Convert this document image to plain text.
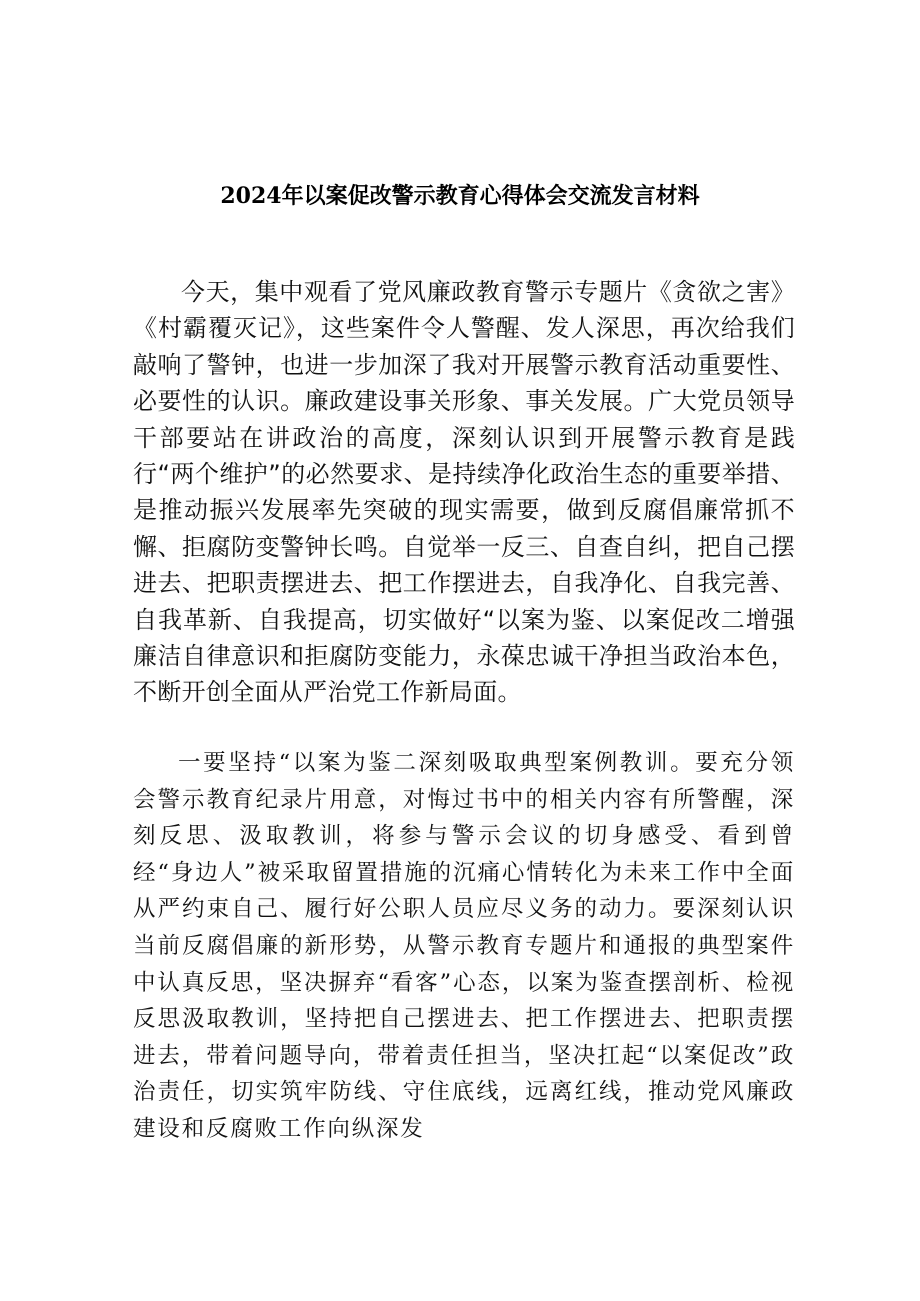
2024年以案促改警示教育心得体会交流发言材料

今天，集中观看了党风廉政教育警示专题片《贪欲之害》《村霸覆灭记》，这些案件令人警醒、发人深思，再次给我们敲响了警钟，也进一步加深了我对开展警示教育活动重要性、必要性的认识。廉政建设事关形象、事关发展。广大党员领导干部要站在讲政治的高度，深刻认识到开展警示教育是践行“两个维护”的必然要求、是持续净化政治生态的重要举措、是推动振兴发展率先突破的现实需要，做到反腐倡廉常抓不懈、拒腐防变警钟长鸣。自觉举一反三、自查自纠，把自己摆进去、把职责摆进去、把工作摆进去，自我净化、自我完善、自我革新、自我提高，切实做好“以案为鉴、以案促改二增强廉洁自律意识和拒腐防变能力，永葆忠诚干净担当政治本色，不断开创全面从严治党工作新局面。

一要坚持“以案为鉴二深刻吸取典型案例教训。要充分领会警示教育纪录片用意，对悔过书中的相关内容有所警醒，深刻反思、汲取教训，将参与警示会议的切身感受、看到曾经“身边人”被采取留置措施的沉痛心情转化为未来工作中全面从严约束自己、履行好公职人员应尽义务的动力。要深刻认识当前反腐倡廉的新形势，从警示教育专题片和通报的典型案件中认真反思，坚决摒弃“看客”心态，以案为鉴查摆剖析、检视反思汲取教训，坚持把自己摆进去、把工作摆进去、把职责摆进去，带着问题导向，带着责任担当，坚决扛起“以案促改”政治责任，切实筑牢防线、守住底线，远离红线，推动党风廉政建设和反腐败工作向纵深发
